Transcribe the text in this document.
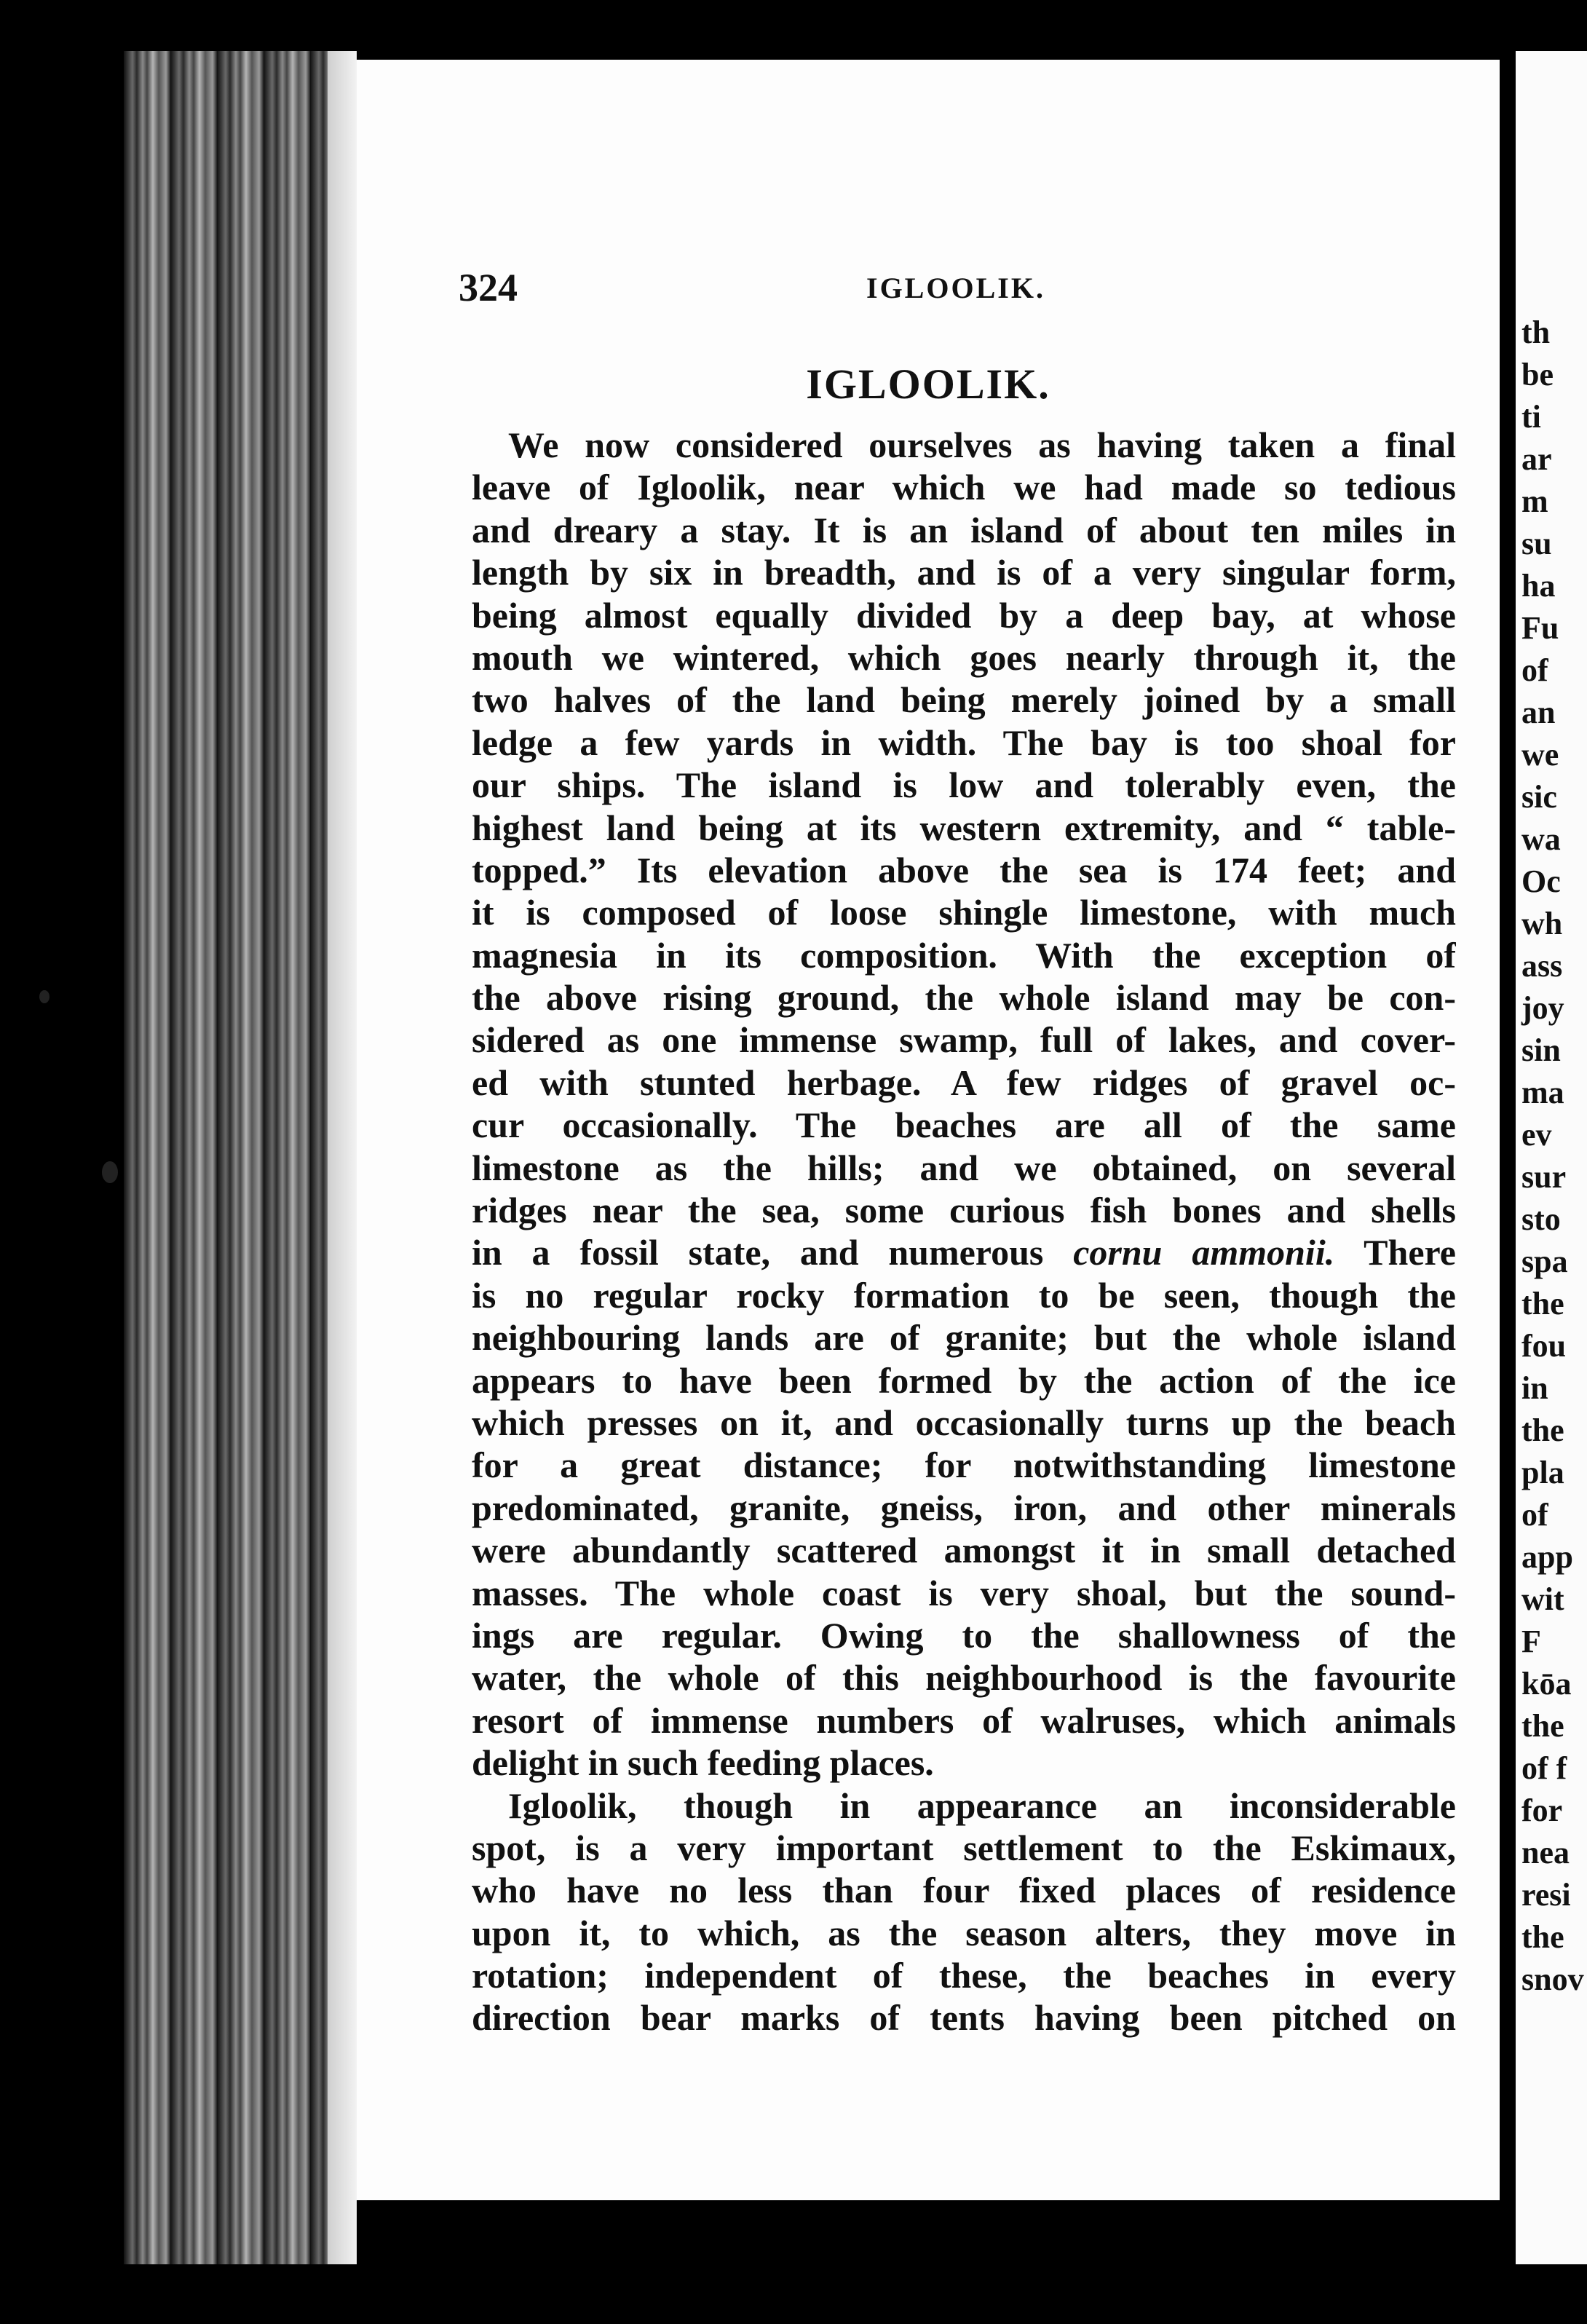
324	IGLOOLIK.
IGLOOLIK.
We now considered ourselves as having taken a final
leave of Igloolik, near which we had made so tedious
and dreary a stay. It is an island of about ten miles in
length by six in breadth, and is of a very singular form,
being almost equally divided by a deep bay, at whose
mouth we wintered, which goes nearly through it, the
two halves of the land being merely joined by a small
ledge a few yards in width. The bay is too shoal for
our ships. The island is low and tolerably even, the
highest land being at its western extremity, and “ table-
topped.” Its elevation above the sea is 174 feet; and
it is composed of loose shingle limestone, with much
magnesia in its composition. With the exception of
the above rising ground, the whole island may be con-
sidered as one immense swamp, full of lakes, and cover-
ed with stunted herbage. A few ridges of gravel oc-
cur occasionally. The beaches are all of the same
limestone as the hills; and we obtained, on several
ridges near the sea, some curious fish bones and shells
in a fossil state, and numerous cornu ammonii. There
is no regular rocky formation to be seen, though the
neighbouring lands are of granite; but the whole island
appears to have been formed by the action of the ice
which presses on it, and occasionally turns up the beach
for a great distance; for notwithstanding limestone
predominated, granite, gneiss, iron, and other minerals
were abundantly scattered amongst it in small detached
masses. The whole coast is very shoal, but the sound-
ings are regular. Owing to the shallowness of the
water, the whole of this neighbourhood is the favourite
resort of immense numbers of walruses, which animals
delight in such feeding places.
Igloolik, though in appearance an inconsiderable
spot, is a very important settlement to the Eskimaux,
who have no less than four fixed places of residence
upon it, to which, as the season alters, they move in
rotation; independent of these, the beaches in every
direction bear marks of tents having been pitched on
th
be
ti
ar
m
su
ha
Fu
of
an
we
sic
wa
Oc
wh
ass
joy
sin
ma
ev
sur
sto
spa
the
fou
in
the
pla
of
app
wit
F
kōa
the
of f
for
nea
resi
the
snov
